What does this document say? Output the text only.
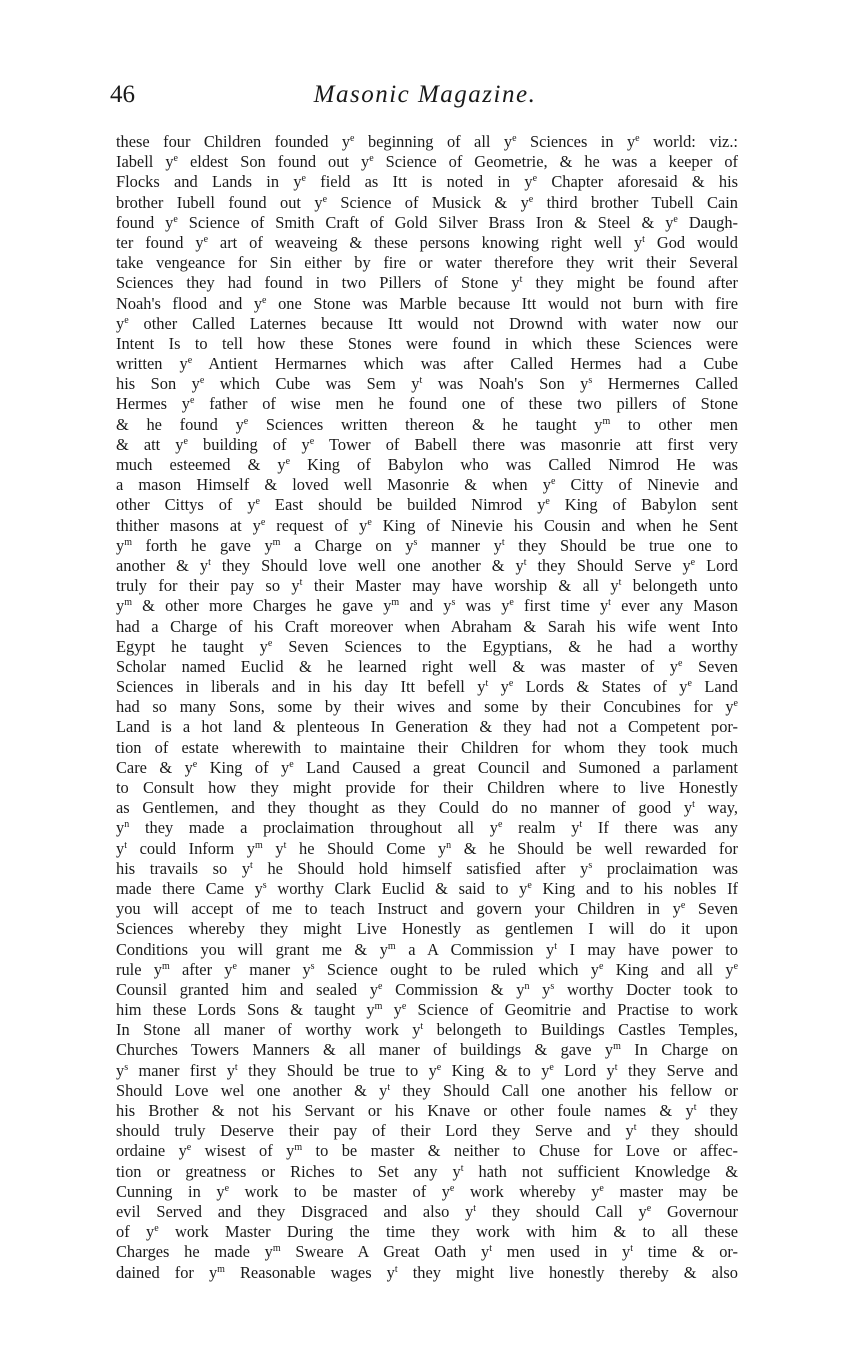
46	Masonic Magazine.
these four Children founded $y^e$ beginning of all $y^e$ Sciences in $y^e$ world: viz.:
Iabell $y^e$ eldest Son found out $y^e$ Science of Geometrie, & he was a keeper of
Flocks and Lands in $y^e$ field as Itt is noted in $y^e$ Chapter aforesaid & his
brother Iubell found out $y^e$ Science of Musick & $y^e$ third brother Tubell Cain
found $y^e$ Science of Smith Craft of Gold Silver Brass Iron & Steel & $y^e$ Daugh-
ter found $y^e$ art of weaveing & these persons knowing right well $y^t$ God would
take vengeance for Sin either by fire or water therefore they writ their Several
Sciences they had found in two Pillers of Stone $y^t$ they might be found after
Noah's flood and $y^e$ one Stone was Marble because Itt would not burn with fire
$y^e$ other Called Laternes because Itt would not Drownd with water now our
Intent Is to tell how these Stones were found in which these Sciences were
written $y^e$ Antient Hermarnes which was after Called Hermes had a Cube
his Son $y^e$ which Cube was Sem $y^t$ was Noah's Son $y^s$ Hermernes Called
Hermes $y^e$ father of wise men he found one of these two pillers of Stone
& he found $y^e$ Sciences written thereon & he taught $y^m$ to other men
& att $y^e$ building of $y^e$ Tower of Babell there was masonrie att first very
much esteemed & $y^e$ King of Babylon who was Called Nimrod He was
a mason Himself & loved well Masonrie & when $y^e$ Citty of Ninevie and
other Cittys of $y^e$ East should be builded Nimrod $y^e$ King of Babylon sent
thither masons at $y^e$ request of $y^e$ King of Ninevie his Cousin and when he Sent
$y^m$ forth he gave $y^m$ a Charge on $y^s$ manner $y^t$ they Should be true one to
another & $y^t$ they Should love well one another & $y^t$ they Should Serve $y^e$ Lord
truly for their pay so $y^t$ their Master may have worship & all $y^t$ belongeth unto
$y^m$ & other more Charges he gave $y^m$ and $y^s$ was $y^e$ first time $y^t$ ever any Mason
had a Charge of his Craft moreover when Abraham & Sarah his wife went Into
Egypt he taught $y^e$ Seven Sciences to the Egyptians, & he had a worthy
Scholar named Euclid & he learned right well & was master of $y^e$ Seven
Sciences in liberals and in his day Itt befell $y^t$ $y^e$ Lords & States of $y^e$ Land
had so many Sons, some by their wives and some by their Concubines for $y^e$
Land is a hot land & plenteous In Generation & they had not a Competent por-
tion of estate wherewith to maintaine their Children for whom they took much
Care & $y^e$ King of $y^e$ Land Caused a great Council and Sumoned a parlament
to Consult how they might provide for their Children where to live Honestly
as Gentlemen, and they thought as they Could do no manner of good $y^t$ way,
$y^n$ they made a proclaimation throughout all $y^e$ realm $y^t$ If there was any
$y^t$ could Inform $y^m$ $y^t$ he Should Come $y^n$ & he Should be well rewarded for
his travails so $y^t$ he Should hold himself satisfied after $y^s$ proclaimation was
made there Came $y^s$ worthy Clark Euclid & said to $y^e$ King and to his nobles If
you will accept of me to teach Instruct and govern your Children in $y^e$ Seven
Sciences whereby they might Live Honestly as gentlemen I will do it upon
Conditions you will grant me & $y^m$ a A Commission $y^t$ I may have power to
rule $y^m$ after $y^e$ maner $y^s$ Science ought to be ruled which $y^e$ King and all $y^e$
Counsil granted him and sealed $y^e$ Commission & $y^n$ $y^s$ worthy Docter took to
him these Lords Sons & taught $y^m$ $y^e$ Science of Geomitrie and Practise to work
In Stone all maner of worthy work $y^t$ belongeth to Buildings Castles Temples,
Churches Towers Manners & all maner of buildings & gave $y^m$ In Charge on
$y^s$ maner first $y^t$ they Should be true to $y^e$ King & to $y^e$ Lord $y^t$ they Serve and
Should Love wel one another & $y^t$ they Should Call one another his fellow or
his Brother & not his Servant or his Knave or other foule names & $y^t$ they
should truly Deserve their pay of their Lord they Serve and $y^t$ they should
ordaine $y^e$ wisest of $y^m$ to be master & neither to Chuse for Love or affec-
tion or greatness or Riches to Set any $y^t$ hath not sufficient Knowledge &
Cunning in $y^e$ work to be master of $y^e$ work whereby $y^e$ master may be
evil Served and they Disgraced and also $y^t$ they should Call $y^e$ Governour
of $y^e$ work Master During the time they work with him & to all these
Charges he made $y^m$ Sweare A Great Oath $y^t$ men used in $y^t$ time & or-
dained for $y^m$ Reasonable wages $y^t$ they might live honestly thereby & also
